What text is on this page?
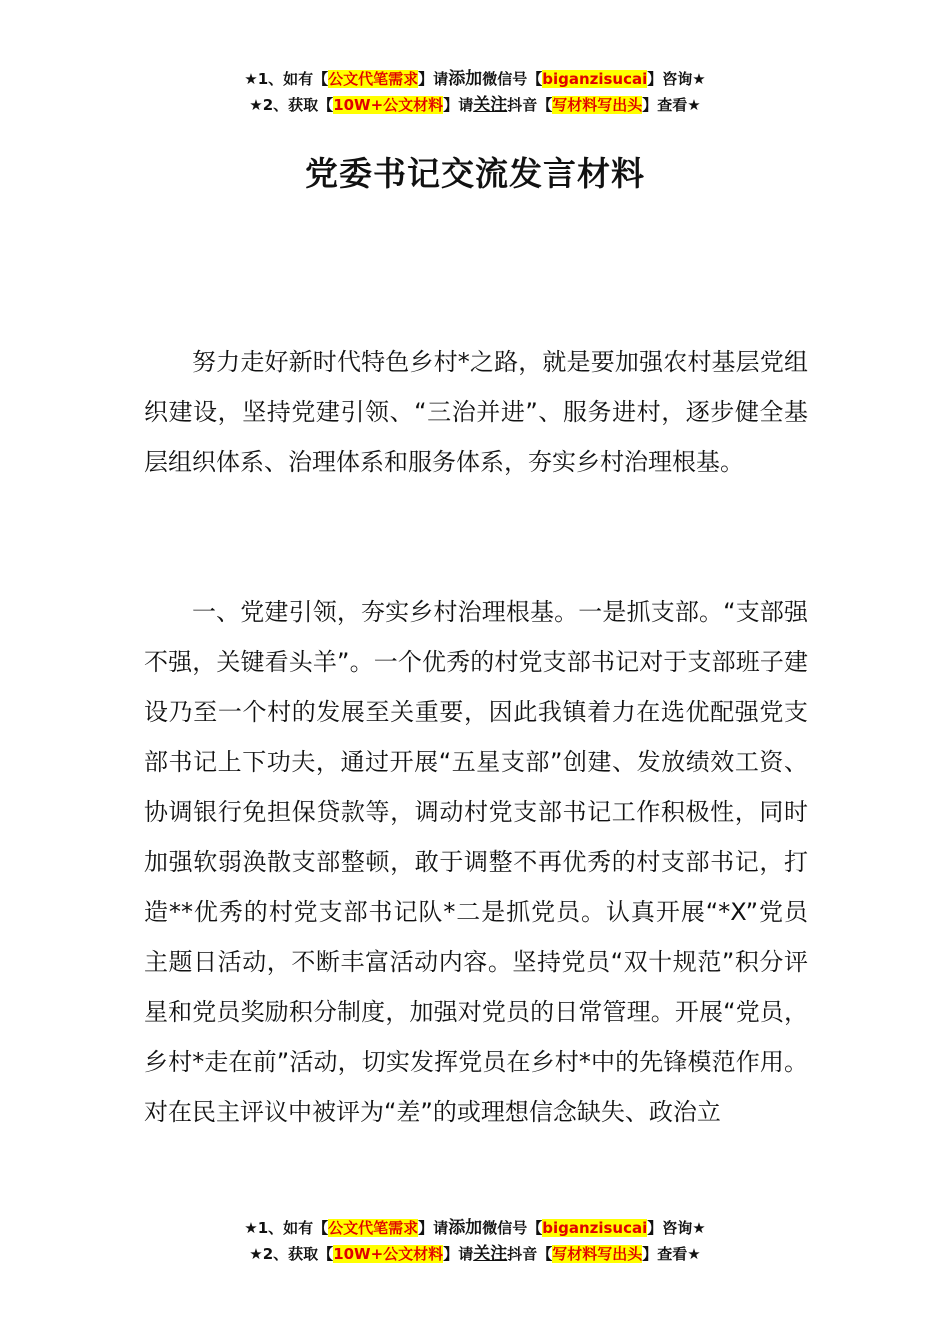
★1、如有【公文代笔需求】请添加微信号【biganzisucai】咨询★
★2、获取【10W+公文材料】请关注抖音【写材料写出头】查看★
党委书记交流发言材料

努力走好新时代特色乡村*之路，就是要加强农村基层党组织建设，坚持党建引领、“三治并进”、服务进村，逐步健全基层组织体系、治理体系和服务体系，夯实乡村治理根基。

一、党建引领，夯实乡村治理根基。一是抓支部。“支部强不强，关键看头羊”。一个优秀的村党支部书记对于支部班子建设乃至一个村的发展至关重要，因此我镇着力在选优配强党支部书记上下功夫，通过开展“五星支部”创建、发放绩效工资、协调银行免担保贷款等，调动村党支部书记工作积极性，同时加强软弱涣散支部整顿，敢于调整不再优秀的村支部书记，打造**优秀的村党支部书记队*二是抓党员。认真开展“*X”党员主题日活动，不断丰富活动内容。坚持党员“双十规范”积分评星和党员奖励积分制度，加强对党员的日常管理。开展“党员，乡村*走在前”活动，切实发挥党员在乡村*中的先锋模范作用。对在民主评议中被评为“差”的或理想信念缺失、政治立

★1、如有【公文代笔需求】请添加微信号【biganzisucai】咨询★
★2、获取【10W+公文材料】请关注抖音【写材料写出头】查看★
